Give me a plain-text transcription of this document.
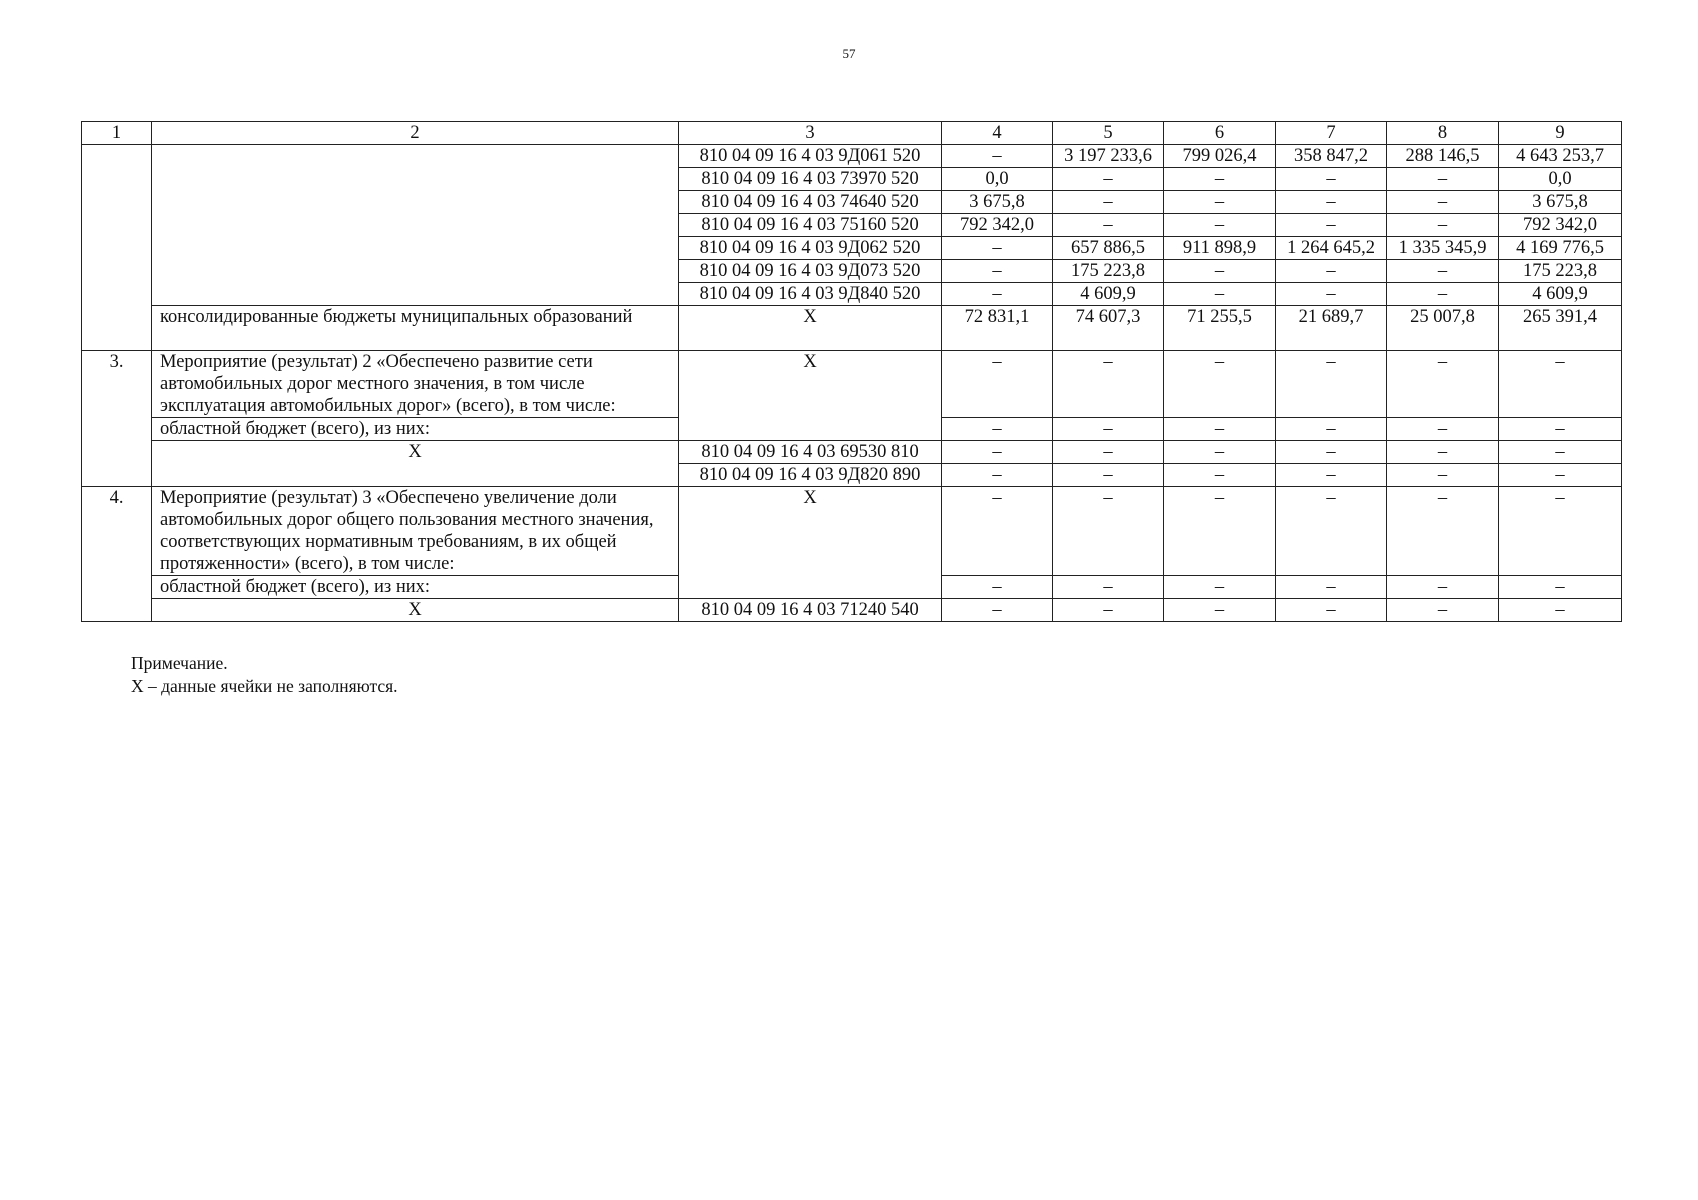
57
1	2	3	4	5	6	7	8	9
		810 04 09 16 4 03 9Д061 520	–	3 197 233,6	799 026,4	358 847,2	288 146,5	4 643 253,7
		810 04 09 16 4 03 73970 520	0,0	–	–	–	–	0,0
		810 04 09 16 4 03 74640 520	3 675,8	–	–	–	–	3 675,8
		810 04 09 16 4 03 75160 520	792 342,0	–	–	–	–	792 342,0
		810 04 09 16 4 03 9Д062 520	–	657 886,5	911 898,9	1 264 645,2	1 335 345,9	4 169 776,5
		810 04 09 16 4 03 9Д073 520	–	175 223,8	–	–	–	175 223,8
		810 04 09 16 4 03 9Д840 520	–	4 609,9	–	–	–	4 609,9
	консолидированные бюджеты муниципальных образований	Х	72 831,1	74 607,3	71 255,5	21 689,7	25 007,8	265 391,4
3.	Мероприятие (результат) 2 «Обеспечено развитие сети автомобильных дорог местного значения, в том числе эксплуатация автомобильных дорог» (всего), в том числе:	Х	–	–	–	–	–	–
	областной бюджет (всего), из них:		–	–	–	–	–	–
	Х	810 04 09 16 4 03 69530 810	–	–	–	–	–	–
		810 04 09 16 4 03 9Д820 890	–	–	–	–	–	–
4.	Мероприятие (результат) 3 «Обеспечено увеличение доли автомобильных дорог общего пользования местного значения, соответствующих нормативным требованиям, в их общей протяженности» (всего), в том числе:	Х	–	–	–	–	–	–
	областной бюджет (всего), из них:		–	–	–	–	–	–
	Х	810 04 09 16 4 03 71240 540	–	–	–	–	–	–
Примечание.
Х – данные ячейки не заполняются.
